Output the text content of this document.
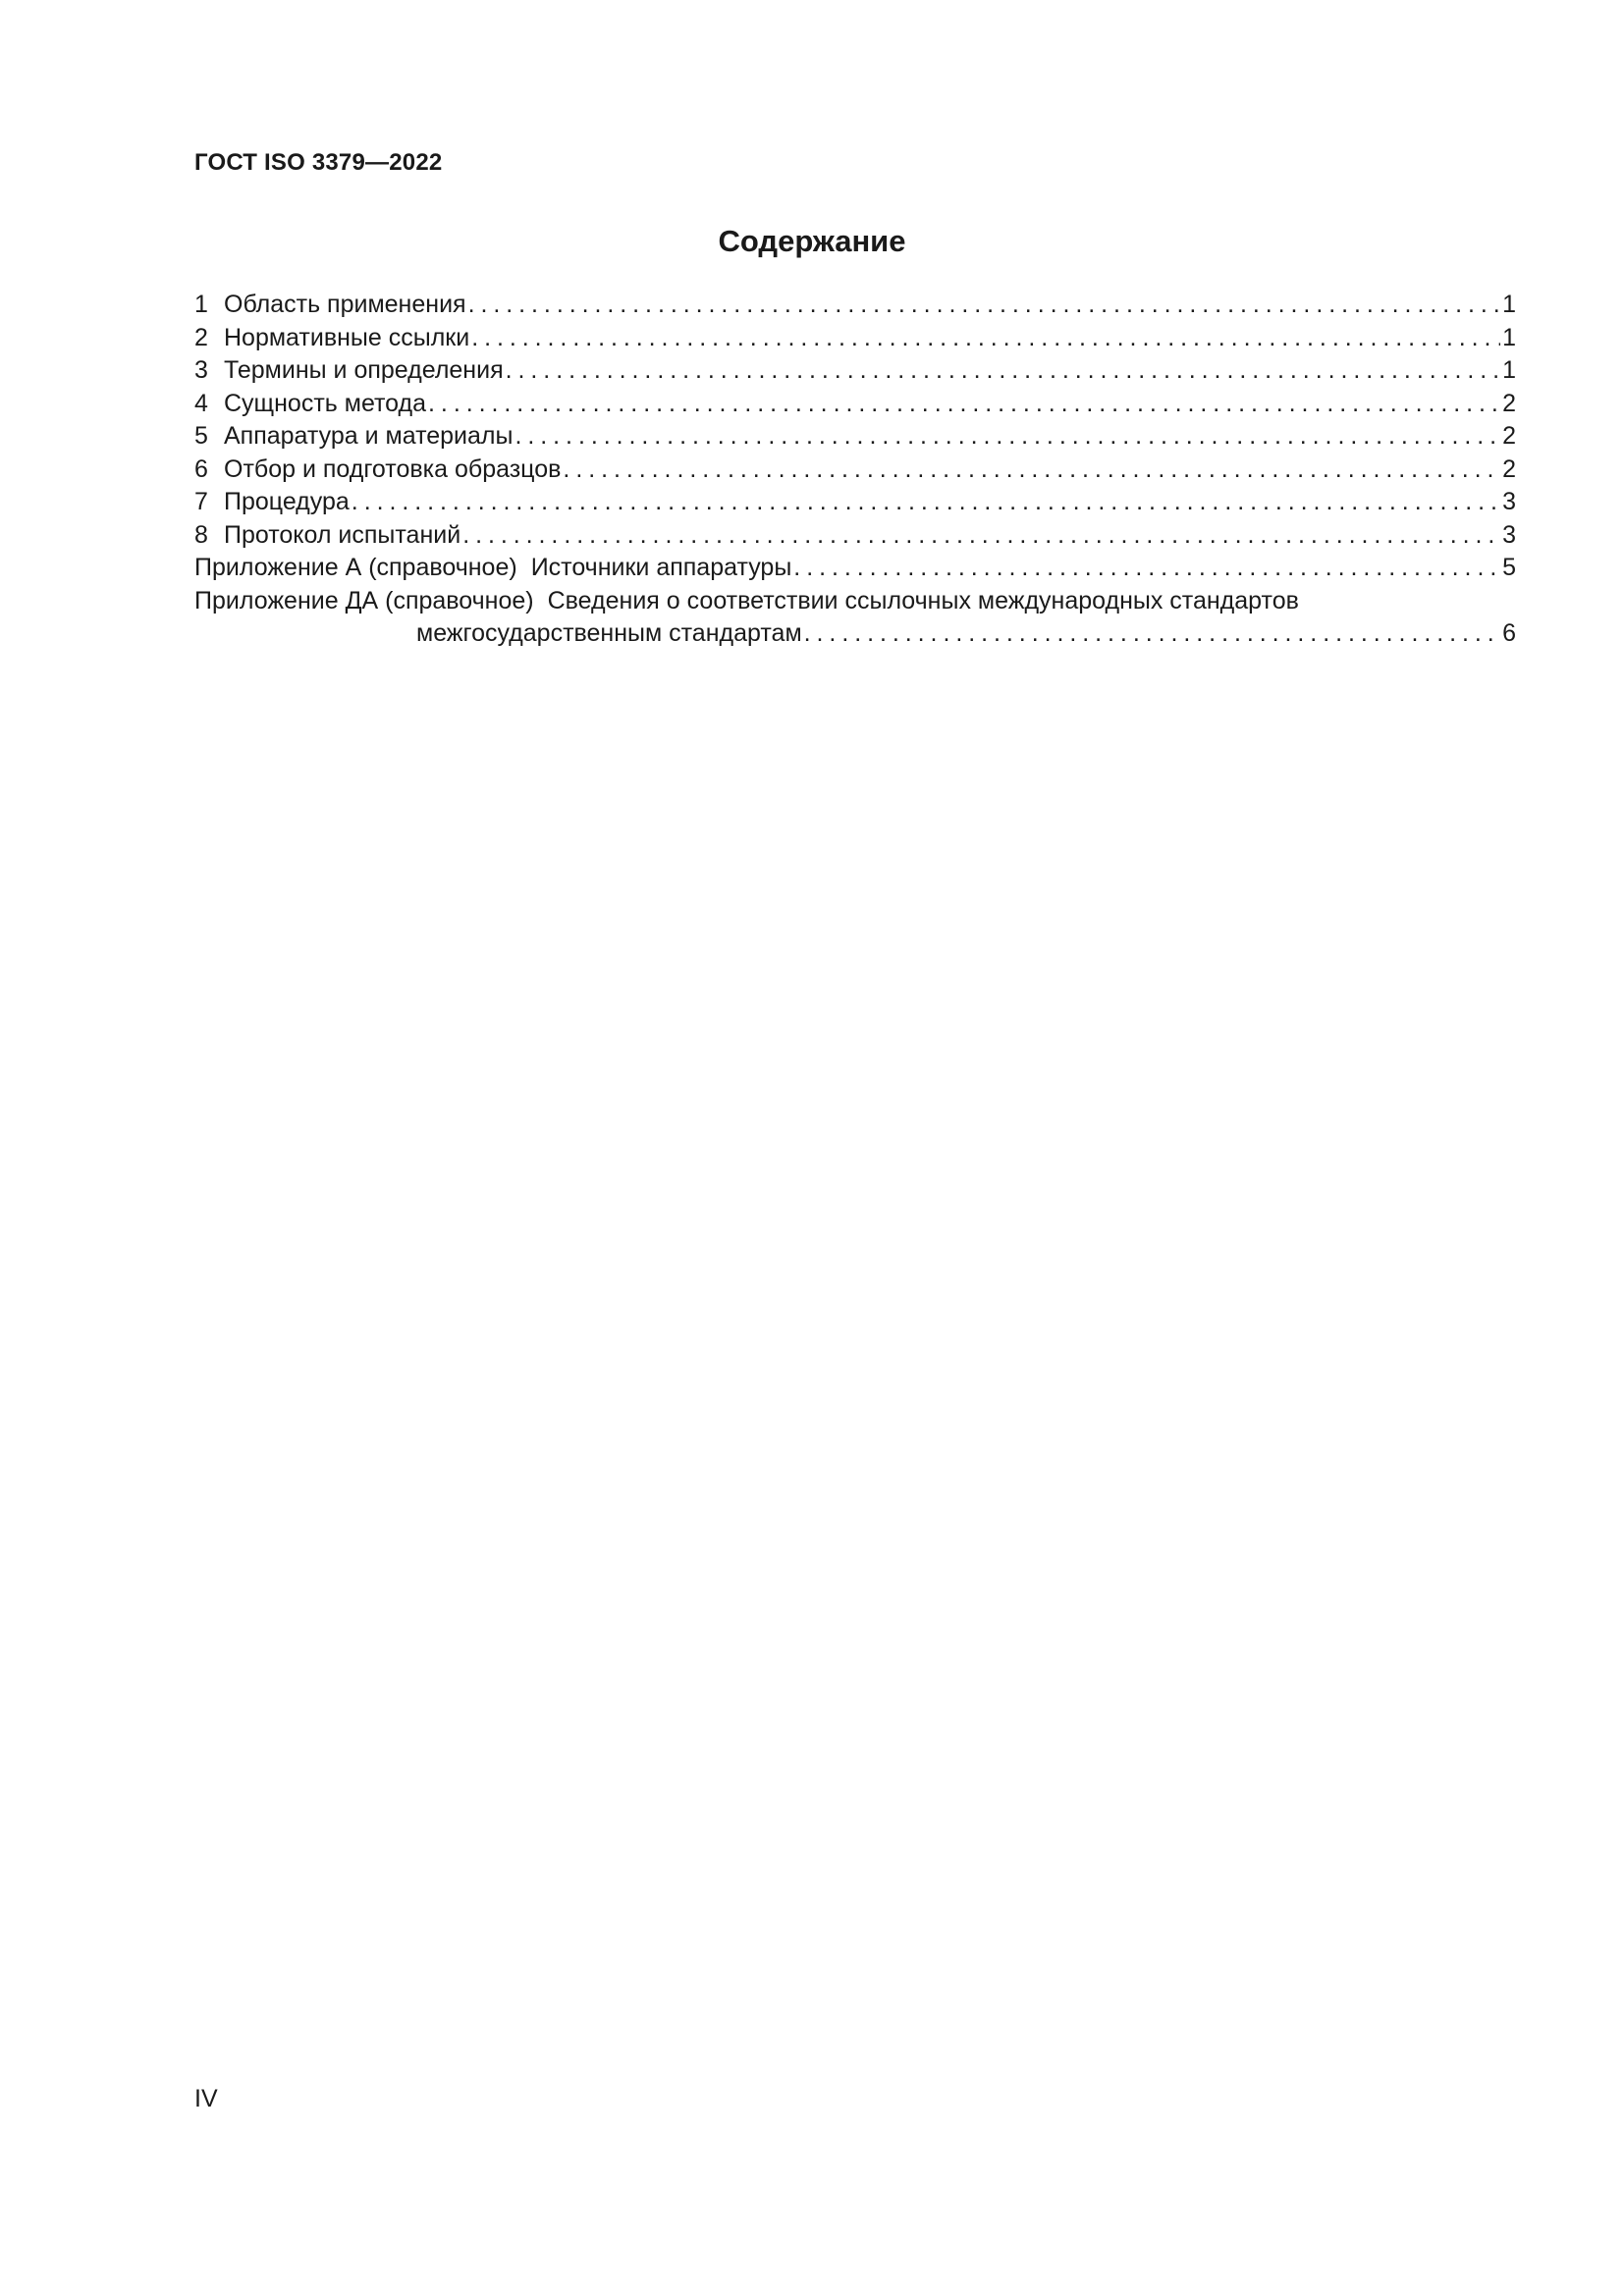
ГОСТ ISO 3379—2022
Содержание
1 Область применения . . .	1
2 Нормативные ссылки . . .	1
3 Термины и определения . . .	1
4 Сущность метода . . .	2
5 Аппаратура и материалы . . .	2
6 Отбор и подготовка образцов . . .	2
7 Процедура . . .	3
8 Протокол испытаний . . .	3
Приложение А (справочное) Источники аппаратуры . . .	5
Приложение ДА (справочное) Сведения о соответствии ссылочных международных стандартов
межгосударственным стандартам . . .	6
IV
